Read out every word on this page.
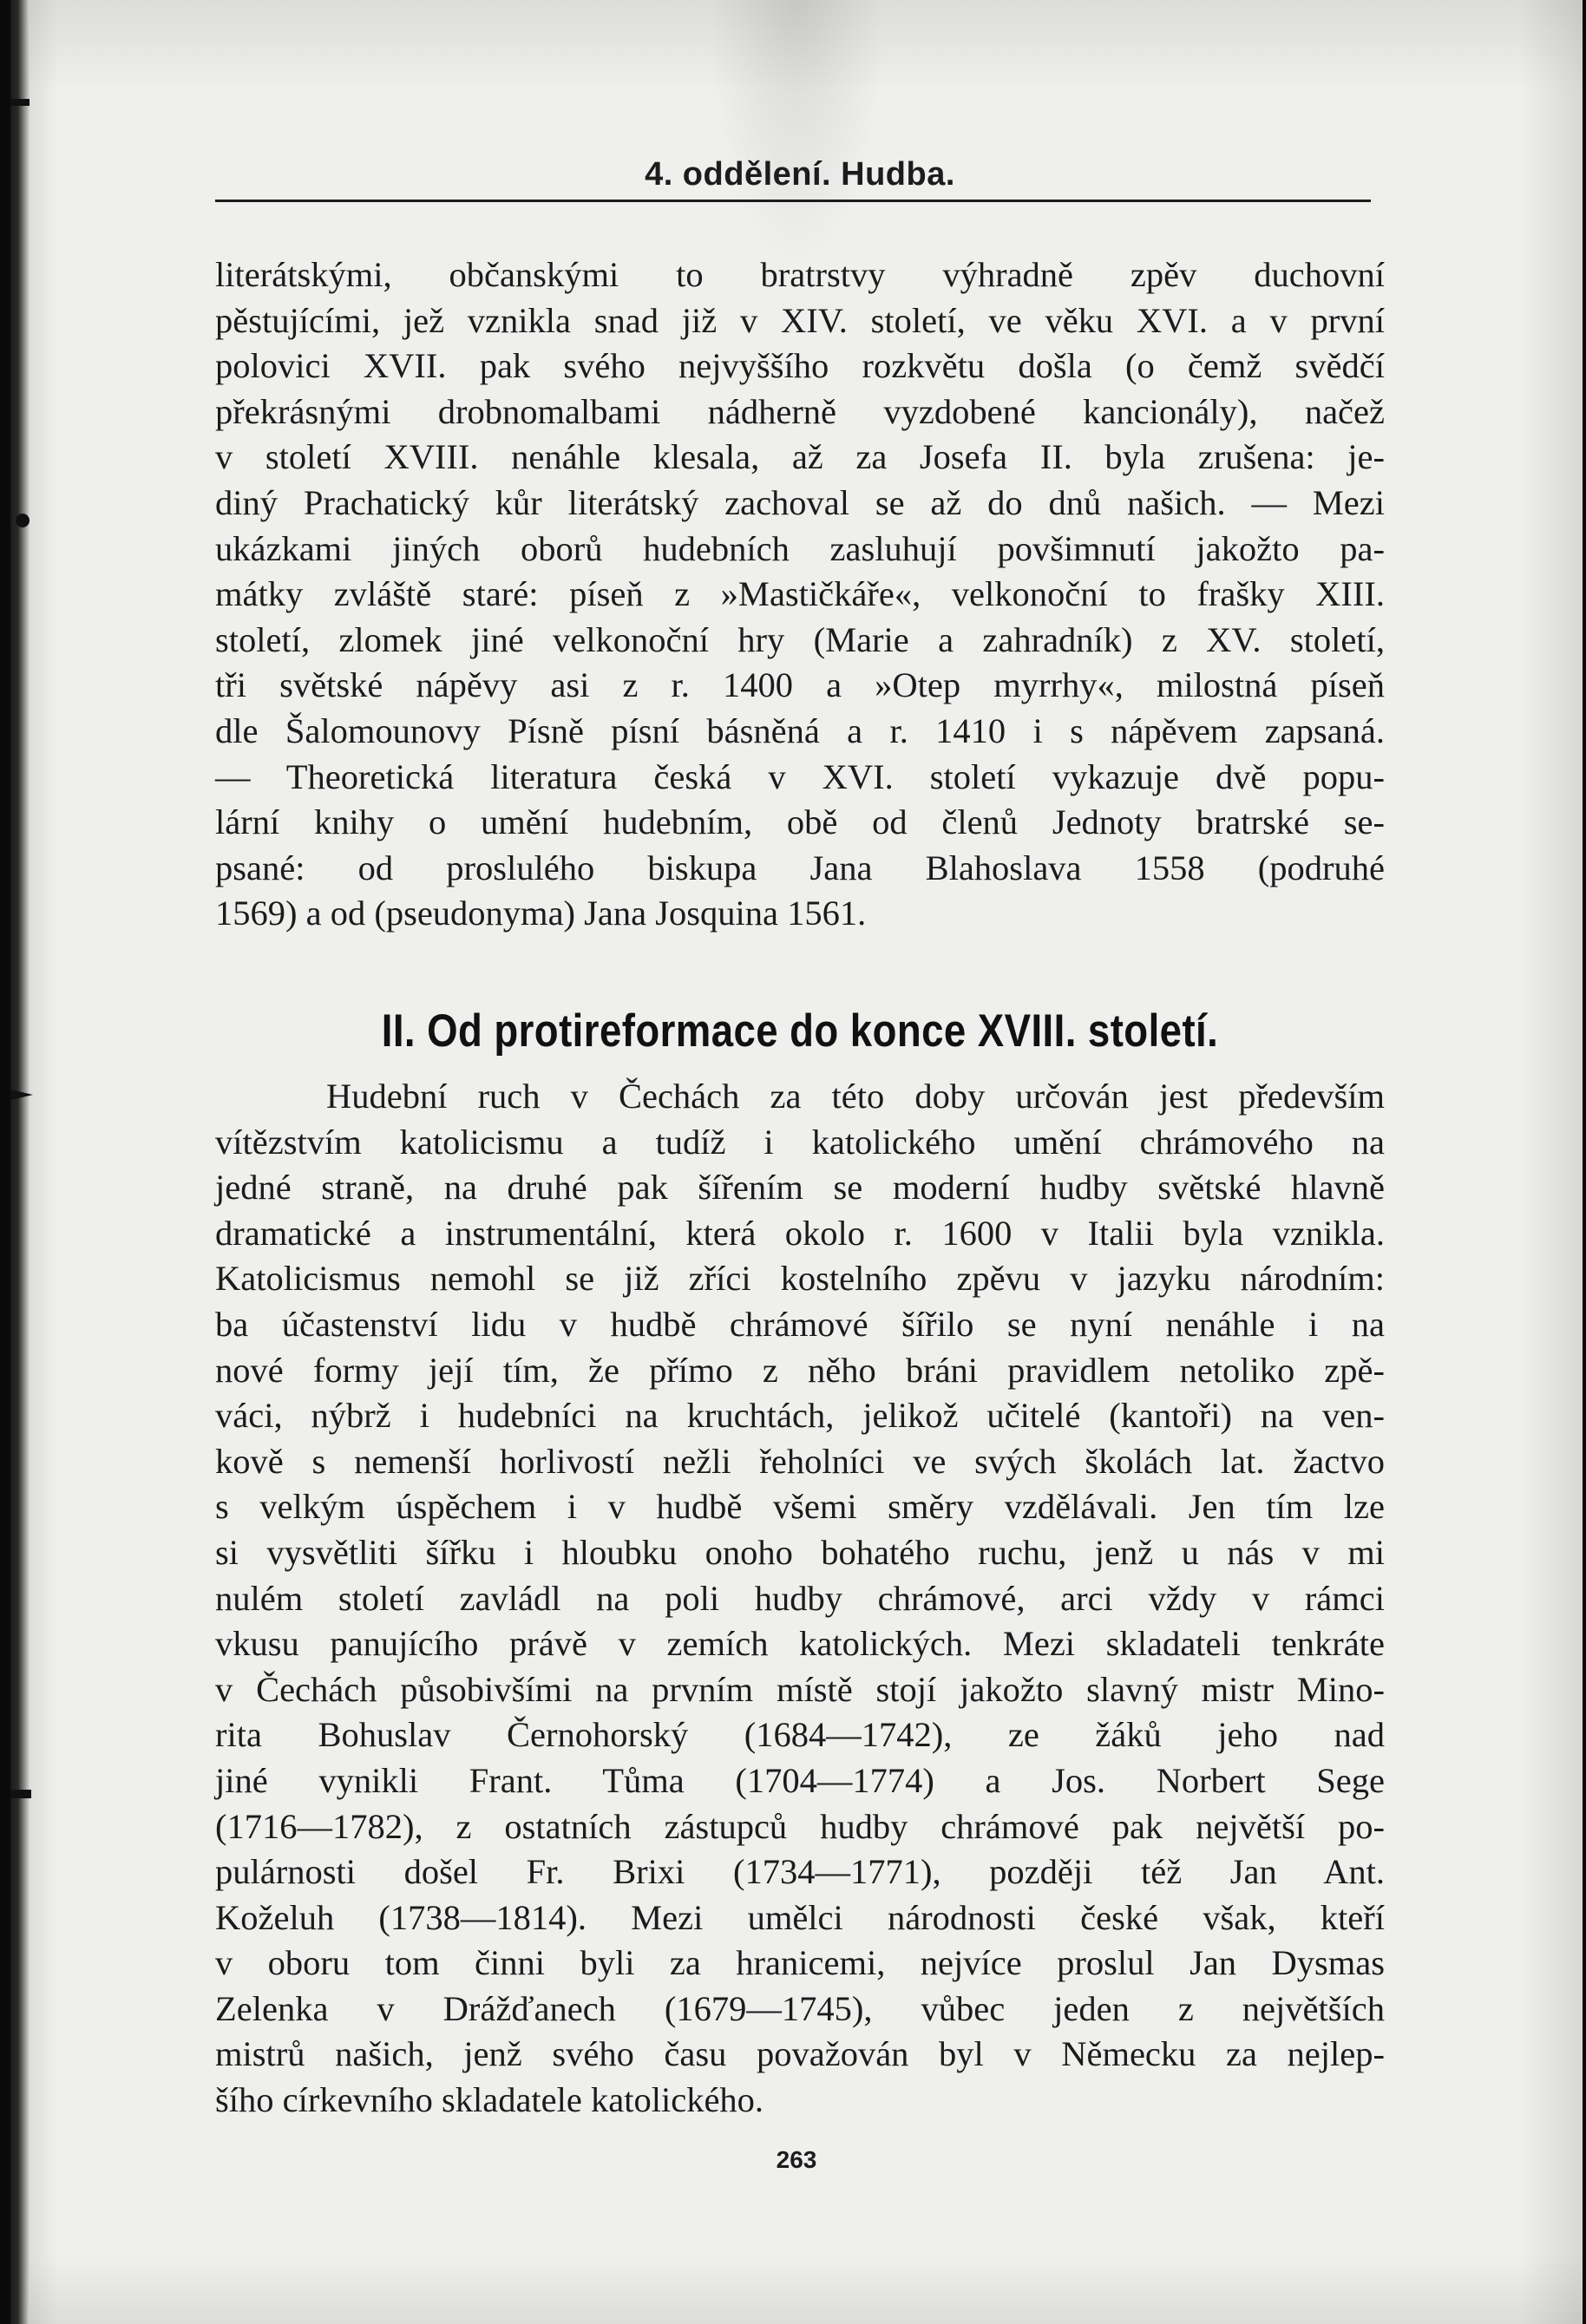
4. oddělení. Hudba.
literátskými, občanskými to bratrstvy výhradně zpěv duchovní
pěstujícími, jež vznikla snad již v XIV. století, ve věku XVI. a v první
polovici XVII. pak svého nejvyššího rozkvětu došla (o čemž svědčí
překrásnými drobnomalbami nádherně vyzdobené kancionály), načež
v století XVIII. nenáhle klesala, až za Josefa II. byla zrušena: je-
diný Prachatický kůr literátský zachoval se až do dnů našich. — Mezi
ukázkami jiných oborů hudebních zasluhují povšimnutí jakožto pa-
mátky zvláště staré: píseň z »Mastičkáře«, velkonoční to frašky XIII.
století, zlomek jiné velkonoční hry (Marie a zahradník) z XV. století,
tři světské nápěvy asi z r. 1400 a »Otep myrrhy«, milostná píseň
dle Šalomounovy Písně písní básněná a r. 1410 i s nápěvem zapsaná.
— Theoretická literatura česká v XVI. století vykazuje dvě popu-
lární knihy o umění hudebním, obě od členů Jednoty bratrské se-
psané: od proslulého biskupa Jana Blahoslava 1558 (podruhé
1569) a od (pseudonyma) Jana Josquina 1561.
II. Od protireformace do konce XVIII. století.
Hudební ruch v Čechách za této doby určován jest především
vítězstvím katolicismu a tudíž i katolického umění chrámového na
jedné straně, na druhé pak šířením se moderní hudby světské hlavně
dramatické a instrumentální, která okolo r. 1600 v Italii byla vznikla.
Katolicismus nemohl se již zříci kostelního zpěvu v jazyku národním:
ba účastenství lidu v hudbě chrámové šířilo se nyní nenáhle i na
nové formy její tím, že přímo z něho bráni pravidlem netoliko zpě-
váci, nýbrž i hudebníci na kruchtách, jelikož učitelé (kantoři) na ven-
kově s nemenší horlivostí nežli řeholníci ve svých školách lat. žactvo
s velkým úspěchem i v hudbě všemi směry vzdělávali. Jen tím lze
si vysvětliti šířku i hloubku onoho bohatého ruchu, jenž u nás v mi
nulém století zavládl na poli hudby chrámové, arci vždy v rámci
vkusu panujícího právě v zemích katolických. Mezi skladateli tenkráte
v Čechách působivšími na prvním místě stojí jakožto slavný mistr Mino-
rita Bohuslav Černohorský (1684—1742), ze žáků jeho nad
jiné vynikli Frant. Tůma (1704—1774) a Jos. Norbert Sege
(1716—1782), z ostatních zástupců hudby chrámové pak největší po-
pulárnosti došel Fr. Brixi (1734—1771), později též Jan Ant.
Koželuh (1738—1814). Mezi umělci národnosti české však, kteří
v oboru tom činni byli za hranicemi, nejvíce proslul Jan Dysmas
Zelenka v Drážďanech (1679—1745), vůbec jeden z největších
mistrů našich, jenž svého času považován byl v Německu za nejlep-
šího církevního skladatele katolického.
263
